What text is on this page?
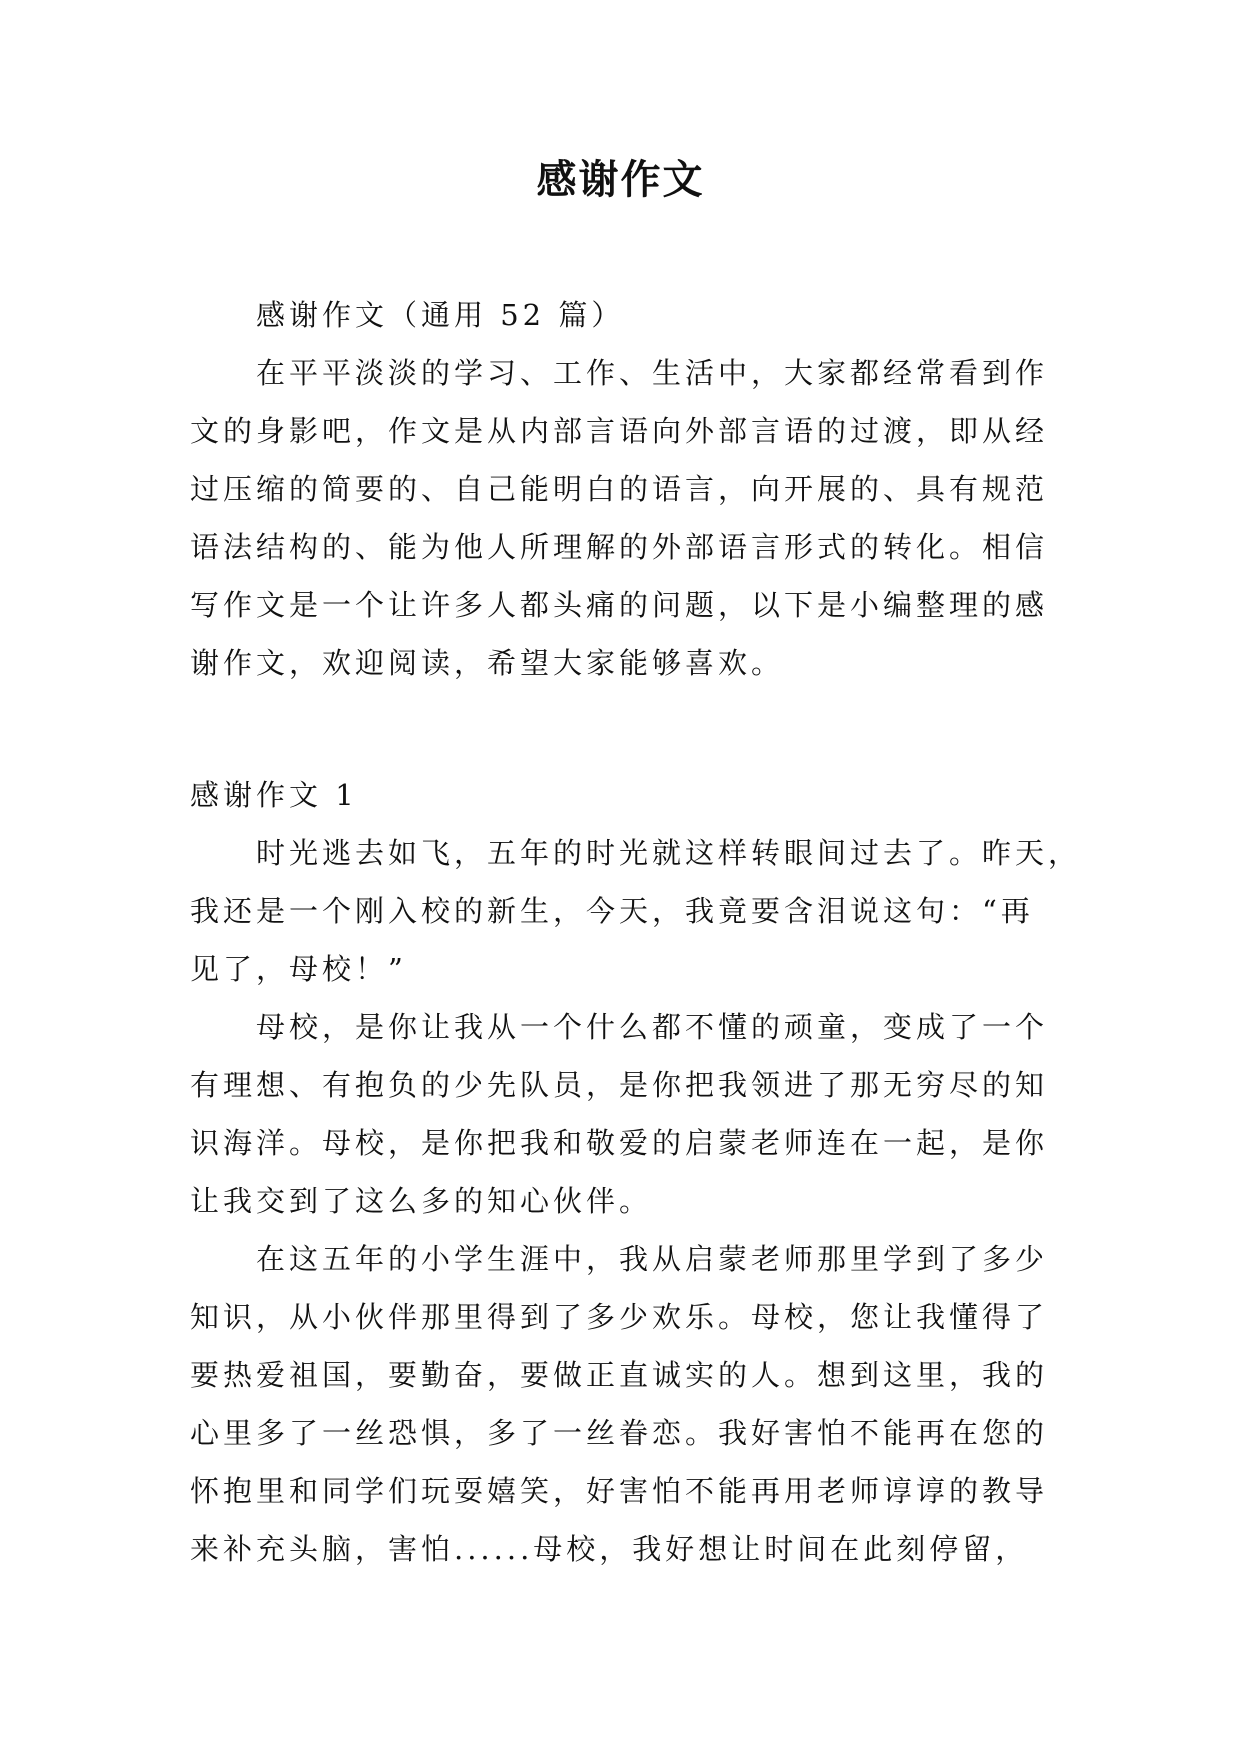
感谢作文
感谢作文（通用 52 篇）
在平平淡淡的学习、工作、生活中，大家都经常看到作
文的身影吧，作文是从内部言语向外部言语的过渡，即从经
过压缩的简要的、自己能明白的语言，向开展的、具有规范
语法结构的、能为他人所理解的外部语言形式的转化。相信
写作文是一个让许多人都头痛的问题，以下是小编整理的感
谢作文，欢迎阅读，希望大家能够喜欢。
感谢作文 1
时光逃去如飞，五年的时光就这样转眼间过去了。昨天，
我还是一个刚入校的新生，今天，我竟要含泪说这句：“再
见了，母校！”
母校，是你让我从一个什么都不懂的顽童，变成了一个
有理想、有抱负的少先队员，是你把我领进了那无穷尽的知
识海洋。母校，是你把我和敬爱的启蒙老师连在一起，是你
让我交到了这么多的知心伙伴。
在这五年的小学生涯中，我从启蒙老师那里学到了多少
知识，从小伙伴那里得到了多少欢乐。母校，您让我懂得了
要热爱祖国，要勤奋，要做正直诚实的人。想到这里，我的
心里多了一丝恐惧，多了一丝眷恋。我好害怕不能再在您的
怀抱里和同学们玩耍嬉笑，好害怕不能再用老师谆谆的教导
来补充头脑，害怕......母校，我好想让时间在此刻停留，
